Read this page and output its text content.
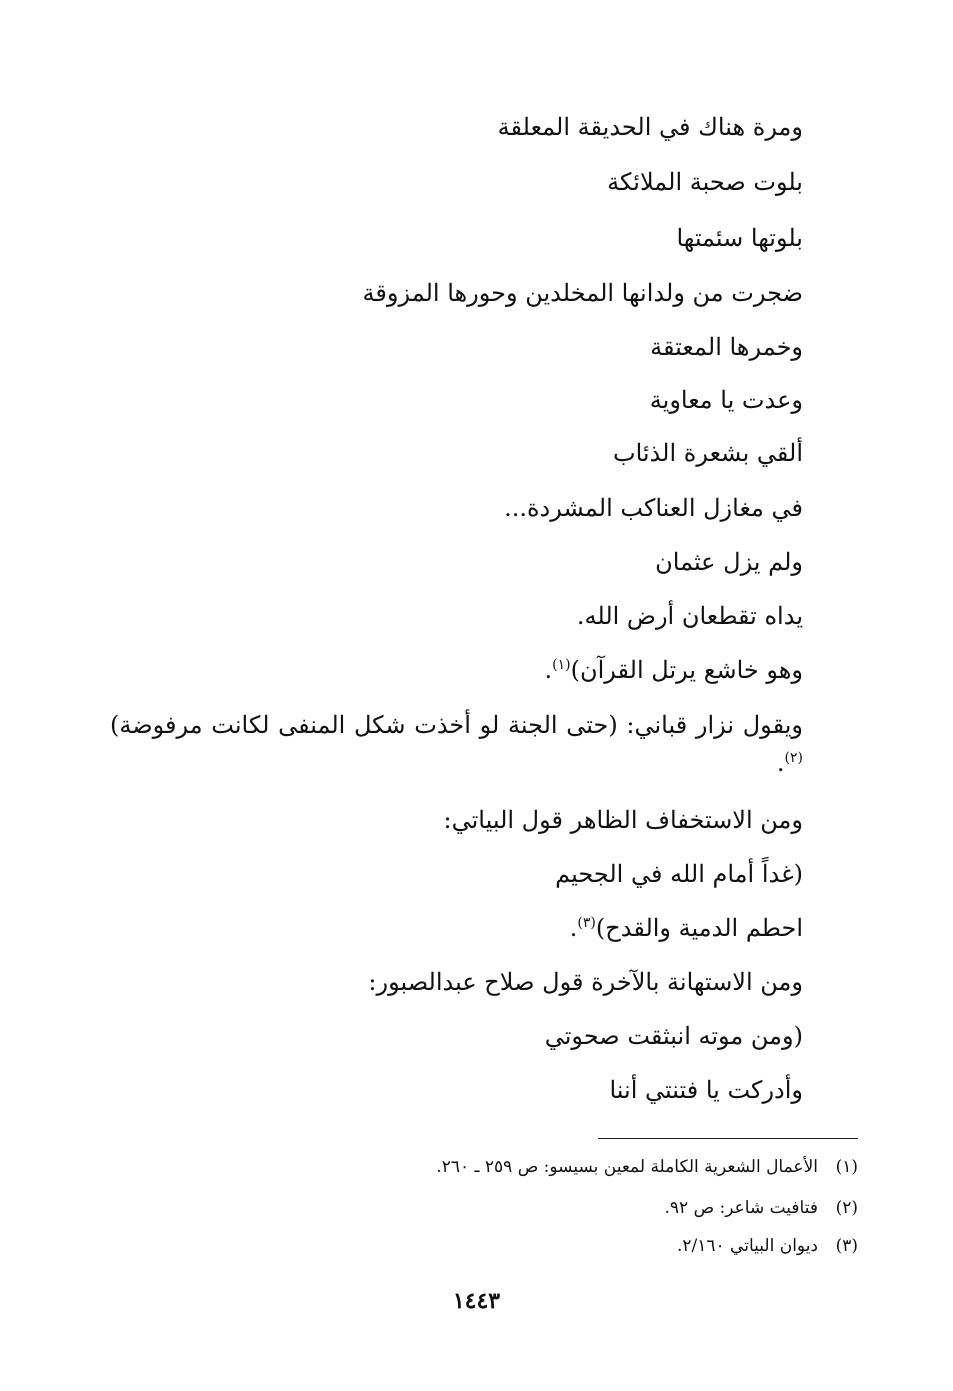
ومرة هناك في الحديقة المعلقة
بلوت صحبة الملائكة
بلوتها سئمتها
ضجرت من ولدانها المخلدين وحورها المزوقة
وخمرها المعتقة
وعدت يا معاوية
ألقي بشعرة الذئاب
في مغازل العناكب المشردة...
ولم يزل عثمان
يداه تقطعان أرض الله.
وهو خاشع يرتل القرآن)$^{(١)}$.
ويقول نزار قباني: (حتى الجنة لو أخذت شكل المنفى لكانت مرفوضة)$^{(٢)}$.
ومن الاستخفاف الظاهر قول البياتي:
(غداً أمام الله في الجحيم
احطم الدمية والقدح)$^{(٣)}$.
ومن الاستهانة بالآخرة قول صلاح عبدالصبور:
(ومن موته انبثقت صحوتي
وأدركت يا فتنتي أننا
(١)الأعمال الشعرية الكاملة لمعين بسيسو: ص ٢٥٩ ـ ٢٦٠.
(٢)فتافيت شاعر: ص ٩٢.
(٣)ديوان البياتي ٢/١٦٠.
١٤٤٣
